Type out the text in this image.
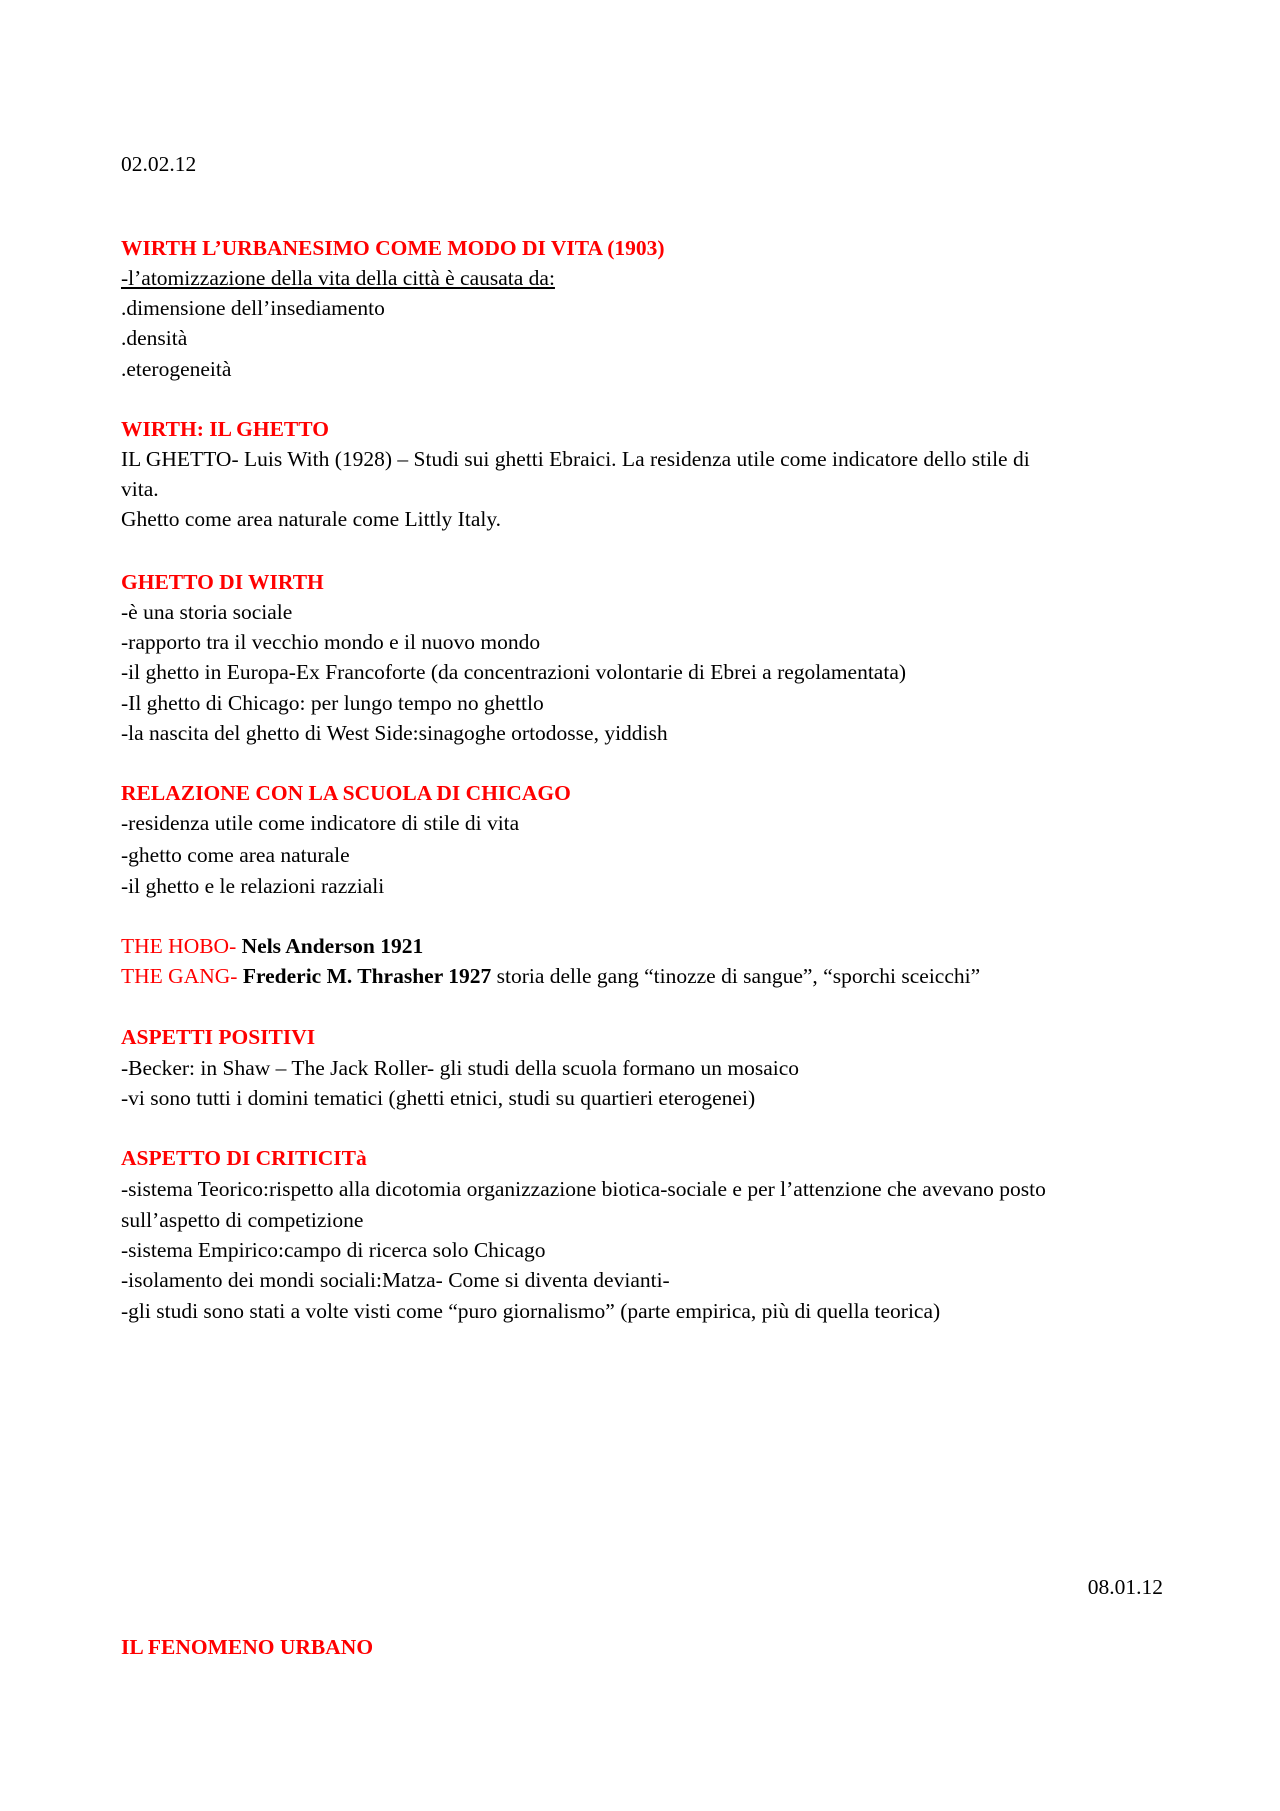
02.02.12
WIRTH L’URBANESIMO COME MODO DI VITA (1903)
-l’atomizzazione della vita della città è causata da:
.dimensione dell’insediamento
.densità
.eterogeneità
WIRTH: IL GHETTO
IL GHETTO- Luis With (1928) – Studi sui ghetti Ebraici. La residenza utile come indicatore dello stile di
vita.
Ghetto come area naturale come Littly Italy.
GHETTO DI WIRTH
-è una storia sociale
-rapporto tra il vecchio mondo e il nuovo mondo
-il ghetto in Europa-Ex Francoforte (da concentrazioni volontarie di Ebrei a regolamentata)
-Il ghetto di Chicago: per lungo tempo no ghettlo
-la nascita del ghetto di West Side:sinagoghe ortodosse, yiddish
RELAZIONE CON LA SCUOLA DI CHICAGO
-residenza utile come indicatore di stile di vita
-ghetto come area naturale
-il ghetto e le relazioni razziali
THE HOBO- Nels Anderson 1921
THE GANG- Frederic M. Thrasher 1927 storia delle gang “tinozze di sangue”, “sporchi sceicchi”
ASPETTI POSITIVI
-Becker: in Shaw – The Jack Roller- gli studi della scuola formano un mosaico
-vi sono tutti i domini tematici (ghetti etnici, studi su quartieri eterogenei)
ASPETTO DI CRITICITà
-sistema Teorico:rispetto alla dicotomia organizzazione biotica-sociale e per l’attenzione che avevano posto
sull’aspetto di competizione
-sistema Empirico:campo di ricerca solo Chicago
-isolamento dei mondi sociali:Matza- Come si diventa devianti-
-gli studi sono stati a volte visti come “puro giornalismo” (parte empirica, più di quella teorica)
08.01.12
IL FENOMENO URBANO
